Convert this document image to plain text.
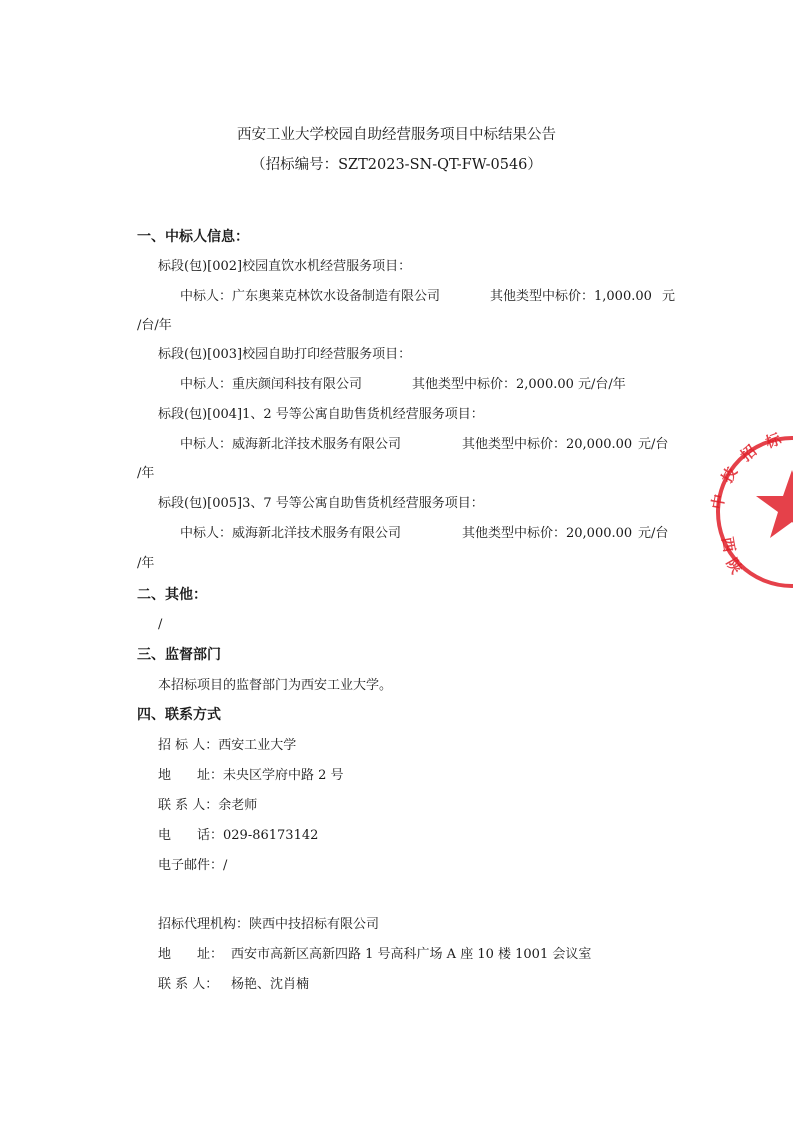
西安工业大学校园自助经营服务项目中标结果公告
（招标编号：SZT2023-SN-QT-FW-0546）
一、中标人信息：
标段(包)[002]校园直饮水机经营服务项目：
中标人：广东奥莱克林饮水设备制造有限公司	其他类型中标价：1,000.00 元
/台/年
标段(包)[003]校园自助打印经营服务项目：
中标人：重庆颜闰科技有限公司	其他类型中标价：2,000.00 元/台/年
标段(包)[004]1、2 号等公寓自助售货机经营服务项目：
中标人：威海新北洋技术服务有限公司	其他类型中标价：20,000.00 元/台
/年
标段(包)[005]3、7 号等公寓自助售货机经营服务项目：
中标人：威海新北洋技术服务有限公司	其他类型中标价：20,000.00 元/台
/年
二、其他：
/
三、监督部门
本招标项目的监督部门为西安工业大学。
四、联系方式
招 标 人：西安工业大学
地　　址：未央区学府中路 2 号
联 系 人：余老师
电　　话：029-86173142
电子邮件：/
招标代理机构：陕西中技招标有限公司
地　　址： 西安市高新区高新四路 1 号高科广场 A 座 10 楼 1001 会议室
联 系 人： 杨艳、沈肖楠
陕
西
中
技
招
标
